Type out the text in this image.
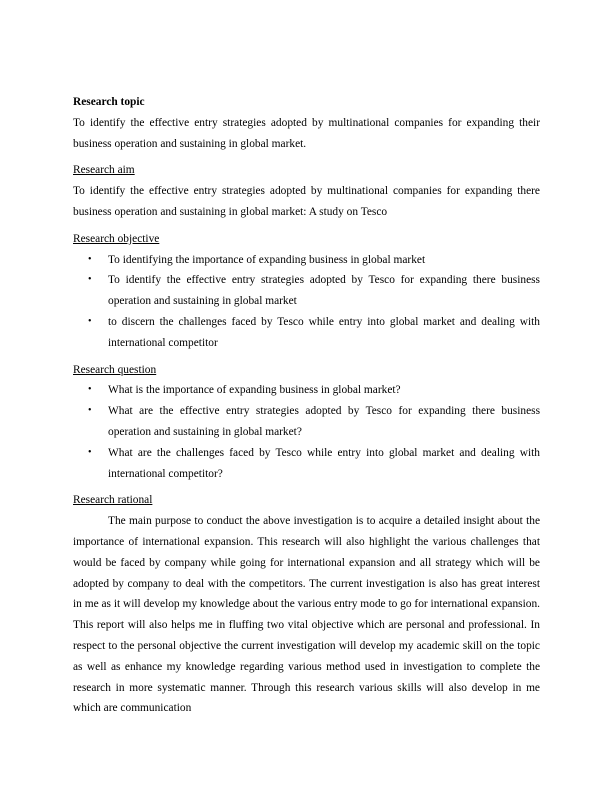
Research topic

To identify the effective entry strategies adopted by multinational companies for expanding their business operation and sustaining in global market.

Research aim

To identify the effective entry strategies adopted by multinational companies for expanding there business operation and sustaining in global market: A study on Tesco

Research objective

• To identifying the importance of expanding business in global market
• To identify the effective entry strategies adopted by Tesco for expanding there business operation and sustaining in global market
• to discern the challenges faced by Tesco while entry into global market and dealing with international competitor

Research question

• What is the importance of expanding business in global market?
• What are the effective entry strategies adopted by Tesco for expanding there business operation and sustaining in global market?
• What are the challenges faced by Tesco while entry into global market and dealing with international competitor?

Research rational

The main purpose to conduct the above investigation is to acquire a detailed insight about the importance of international expansion. This research will also highlight the various challenges that would be faced by company while going for international expansion and all strategy which will be adopted by company to deal with the competitors. The current investigation is also has great interest in me as it will develop my knowledge about the various entry mode to go for international expansion. This report will also helps me in fluffing two vital objective which are personal and professional. In respect to the personal objective the current investigation will develop my academic skill on the topic as well as enhance my knowledge regarding various method used in investigation to complete the research in more systematic manner. Through this research various skills will also develop in me which are communication
